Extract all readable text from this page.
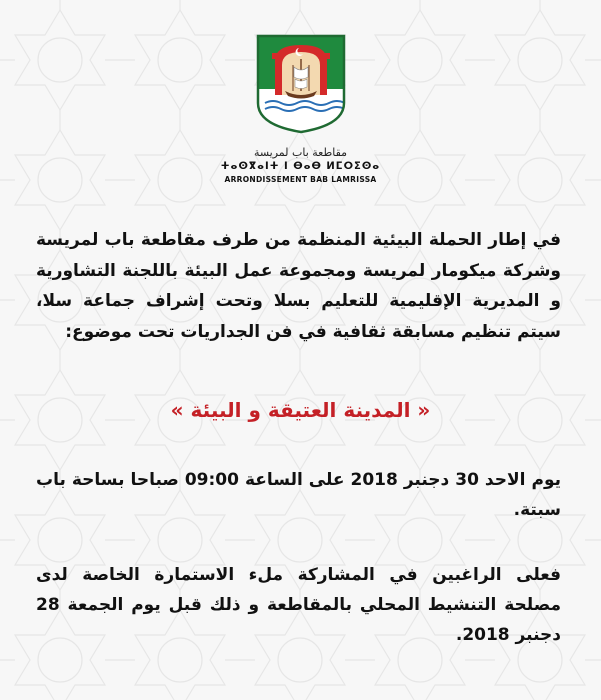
مقاطعة باب لمريسة
ⵜⴰⵙⴳⴰⵏⵜ ⵏ ⴱⴰⴱ ⵍⵎⵔⵉⵙⴰ
ARRONDISSEMENT BAB LAMRISSA
في إطار الحملة البيئية المنظمة من طرف مقاطعة باب لمريسة وشركة ميكومار لمريسة ومجموعة عمل البيئة باللجنة التشاورية و المديرية الإقليمية للتعليم بسلا وتحت إشراف جماعة سلا، سيتم تنظيم مسابقة ثقافية في فن الجداريات تحت موضوع:
« المدينة العتيقة و البيئة »
يوم الاحد 30 دجنبر 2018 على الساعة 09:00 صباحا بساحة باب سبتة.
فعلى الراغبين في المشاركة ملء الاستمارة الخاصة لدى مصلحة التنشيط المحلي بالمقاطعة و ذلك قبل يوم الجمعة 28 دجنبر 2018.
